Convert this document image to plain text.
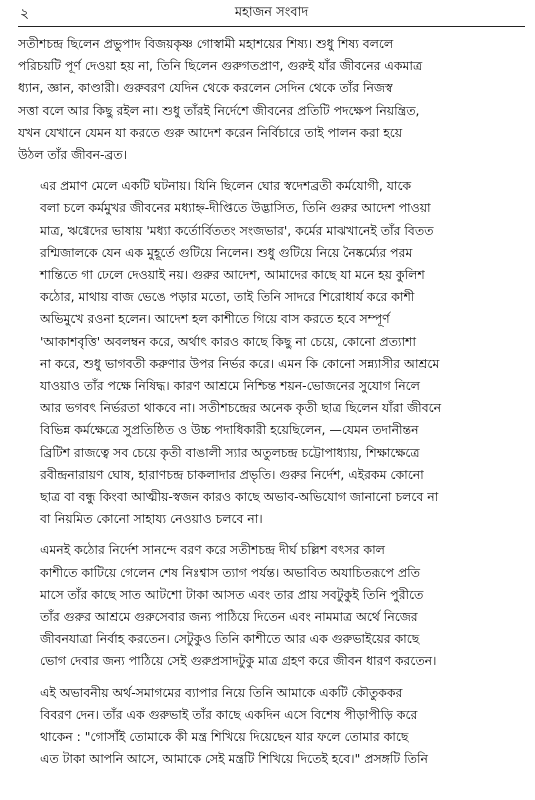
২	মহাজন সংবাদ

সতীশচন্দ্র ছিলেন প্রভুপাদ বিজয়কৃষ্ণ গোস্বামী মহাশয়ের শিষ্য। শুধু শিষ্য বললে
পরিচয়টি পূর্ণ দেওয়া হয় না, তিনি ছিলেন গুরুগতপ্রাণ, গুরুই যাঁর জীবনের একমাত্র
ধ্যান, জ্ঞান, কাণ্ডারী। গুরুবরণ যেদিন থেকে করলেন সেদিন থেকে তাঁর নিজস্ব
সত্তা বলে আর কিছু রইল না। শুধু তাঁরই নির্দেশে জীবনের প্রতিটি পদক্ষেপ নিয়ন্ত্রিত,
যখন যেখানে যেমন যা করতে গুরু আদেশ করেন নির্বিচারে তাই পালন করা হয়ে
উঠল তাঁর জীবন-ব্রত।

এর প্রমাণ মেলে একটি ঘটনায়। যিনি ছিলেন ঘোর স্বদেশব্রতী কর্মযোগী, যাকে
বলা চলে কর্মমুখর জীবনের মধ্যাহ্ন-দীপ্তিতে উদ্ভাসিত, তিনি গুরুর আদেশ পাওয়া
মাত্র, ঋগ্বেদের ভাষায় 'মধ্যা কর্তোর্বিততং সংজভার', কর্মের মাঝখানেই তাঁর বিতত
রশ্মিজালকে যেন এক মুহূর্তে গুটিয়ে নিলেন। শুধু গুটিয়ে নিয়ে নৈষ্কর্ম্যের পরম
শান্তিতে গা ঢেলে দেওয়াই নয়। গুরুর আদেশ, আমাদের কাছে যা মনে হয় কুলিশ
কঠোর, মাথায় বাজ ভেঙে পড়ার মতো, তাই তিনি সাদরে শিরোধার্য করে কাশী
অভিমুখে রওনা হলেন। আদেশ হল কাশীতে গিয়ে বাস করতে হবে সম্পূর্ণ
'আকাশবৃত্তি' অবলম্বন করে, অর্থাৎ কারও কাছে কিছু না চেয়ে, কোনো প্রত্যাশা
না করে, শুধু ভাগবতী করুণার উপর নির্ভর করে। এমন কি কোনো সন্ন্যাসীর আশ্রমে
যাওয়াও তাঁর পক্ষে নিষিদ্ধ। কারণ আশ্রমে নিশ্চিন্ত শয়ন-ভোজনের সুযোগ নিলে
আর ভগবৎ নির্ভরতা থাকবে না। সতীশচন্দ্রের অনেক কৃতী ছাত্র ছিলেন যাঁরা জীবনে
বিভিন্ন কর্মক্ষেত্রে সুপ্রতিষ্ঠিত ও উচ্চ পদাধিকারী হয়েছিলেন, —যেমন তদানীন্তন
ব্রিটিশ রাজত্বে সব চেয়ে কৃতী বাঙালী স্যার অতুলচন্দ্র চট্টোপাধ্যায়, শিক্ষাক্ষেত্রে
রবীন্দ্রনারায়ণ ঘোষ, হারাণচন্দ্র চাকলাদার প্রভৃতি। গুরুর নির্দেশ, এইরকম কোনো
ছাত্র বা বন্ধু কিংবা আত্মীয়-স্বজন কারও কাছে অভাব-অভিযোগ জানানো চলবে না
বা নিয়মিত কোনো সাহায্য নেওয়াও চলবে না।

এমনই কঠোর নির্দেশ সানন্দে বরণ করে সতীশচন্দ্র দীর্ঘ চল্লিশ বৎসর কাল
কাশীতে কাটিয়ে গেলেন শেষ নিঃশ্বাস ত্যাগ পর্যন্ত। অভাবিত অযাচিতরূপে প্রতি
মাসে তাঁর কাছে সাত আটশো টাকা আসত এবং তার প্রায় সবটুকুই তিনি পুরীতে
তাঁর গুরুর আশ্রমে গুরুসেবার জন্য পাঠিয়ে দিতেন এবং নামমাত্র অর্থে নিজের
জীবনযাত্রা নির্বাহ করতেন। সেটুকুও তিনি কাশীতে আর এক গুরুভাইয়ের কাছে
ভোগ দেবার জন্য পাঠিয়ে সেই গুরুপ্রসাদটুকু মাত্র গ্রহণ করে জীবন ধারণ করতেন।

এই অভাবনীয় অর্থ-সমাগমের ব্যাপার নিয়ে তিনি আমাকে একটি কৌতুককর
বিবরণ দেন। তাঁর এক গুরুভাই তাঁর কাছে একদিন এসে বিশেষ পীড়াপীড়ি করে
থাকেন : "গোসাঁই তোমাকে কী মন্ত্র শিখিয়ে দিয়েছেন যার ফলে তোমার কাছে
এত টাকা আপনি আসে, আমাকে সেই মন্ত্রটি শিখিয়ে দিতেই হবে।" প্রসঙ্গটি তিনি
